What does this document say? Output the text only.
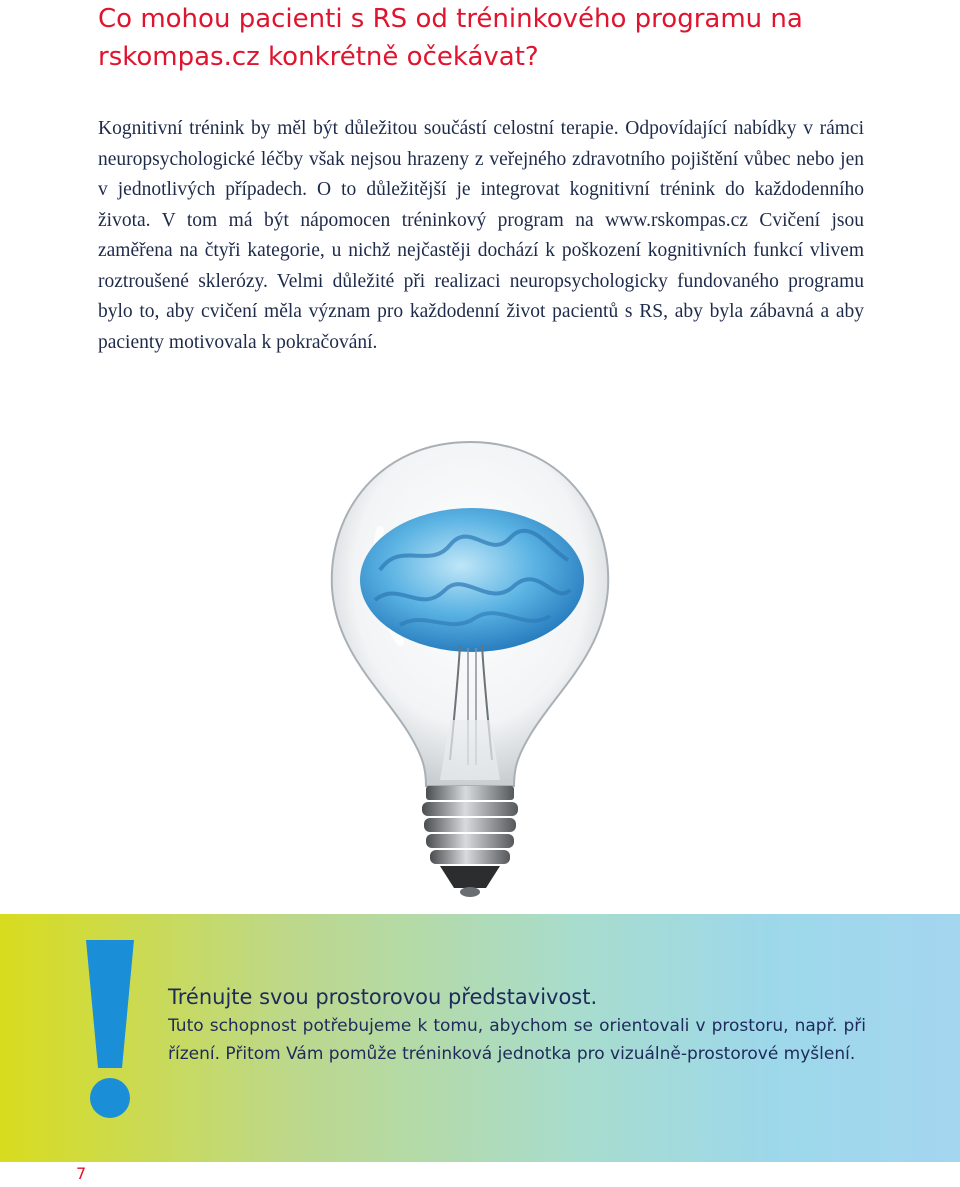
Co mohou pacienti s RS od tréninkového programu na rskompas.cz konkrétně očekávat?

Kognitivní trénink by měl být důležitou součástí celostní terapie. Odpovídající nabídky v rámci neuropsychologické léčby však nejsou hrazeny z veřejného zdravotního pojištění vůbec nebo jen v jednotlivých případech. O to důležitější je integrovat kognitivní trénink do každodenního života. V tom má být nápomocen tréninkový program na www.rskompas.cz Cvičení jsou zaměřena na čtyři kategorie, u nichž nejčastěji dochází k poškození kognitivních funkcí vlivem roztroušené sklerózy. Velmi důležité při realizaci neuropsychologicky fundovaného programu bylo to, aby cvičení měla význam pro každodenní život pacientů s RS, aby byla zábavná a aby pacienty motivovala k pokračování.

Trénujte svou prostorovou představivost.

Tuto schopnost potřebujeme k tomu, abychom se orientovali v prostoru, např. při řízení. Přitom Vám pomůže tréninková jednotka pro vizuálně-prostorové myšlení.

7
